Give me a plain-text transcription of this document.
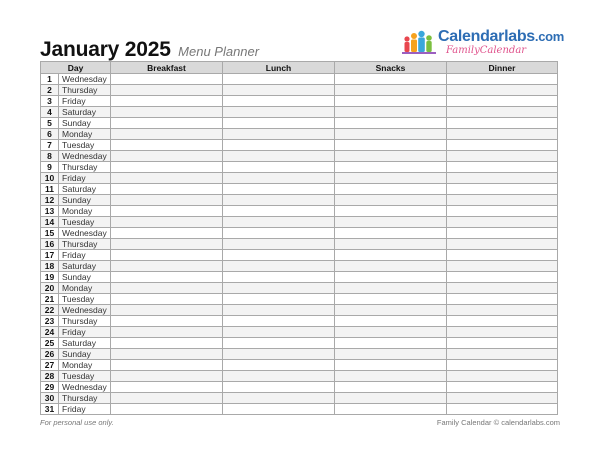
January 2025 Menu Planner
Calendarlabs.com
FamilyCalendar
Day		Breakfast	Lunch	Snacks	Dinner
1	Wednesday				
2	Thursday				
3	Friday				
4	Saturday				
5	Sunday				
6	Monday				
7	Tuesday				
8	Wednesday				
9	Thursday				
10	Friday				
11	Saturday				
12	Sunday				
13	Monday				
14	Tuesday				
15	Wednesday				
16	Thursday				
17	Friday				
18	Saturday				
19	Sunday				
20	Monday				
21	Tuesday				
22	Wednesday				
23	Thursday				
24	Friday				
25	Saturday				
26	Sunday				
27	Monday				
28	Tuesday				
29	Wednesday				
30	Thursday				
31	Friday				
For personal use only.	Family Calendar © calendarlabs.com
